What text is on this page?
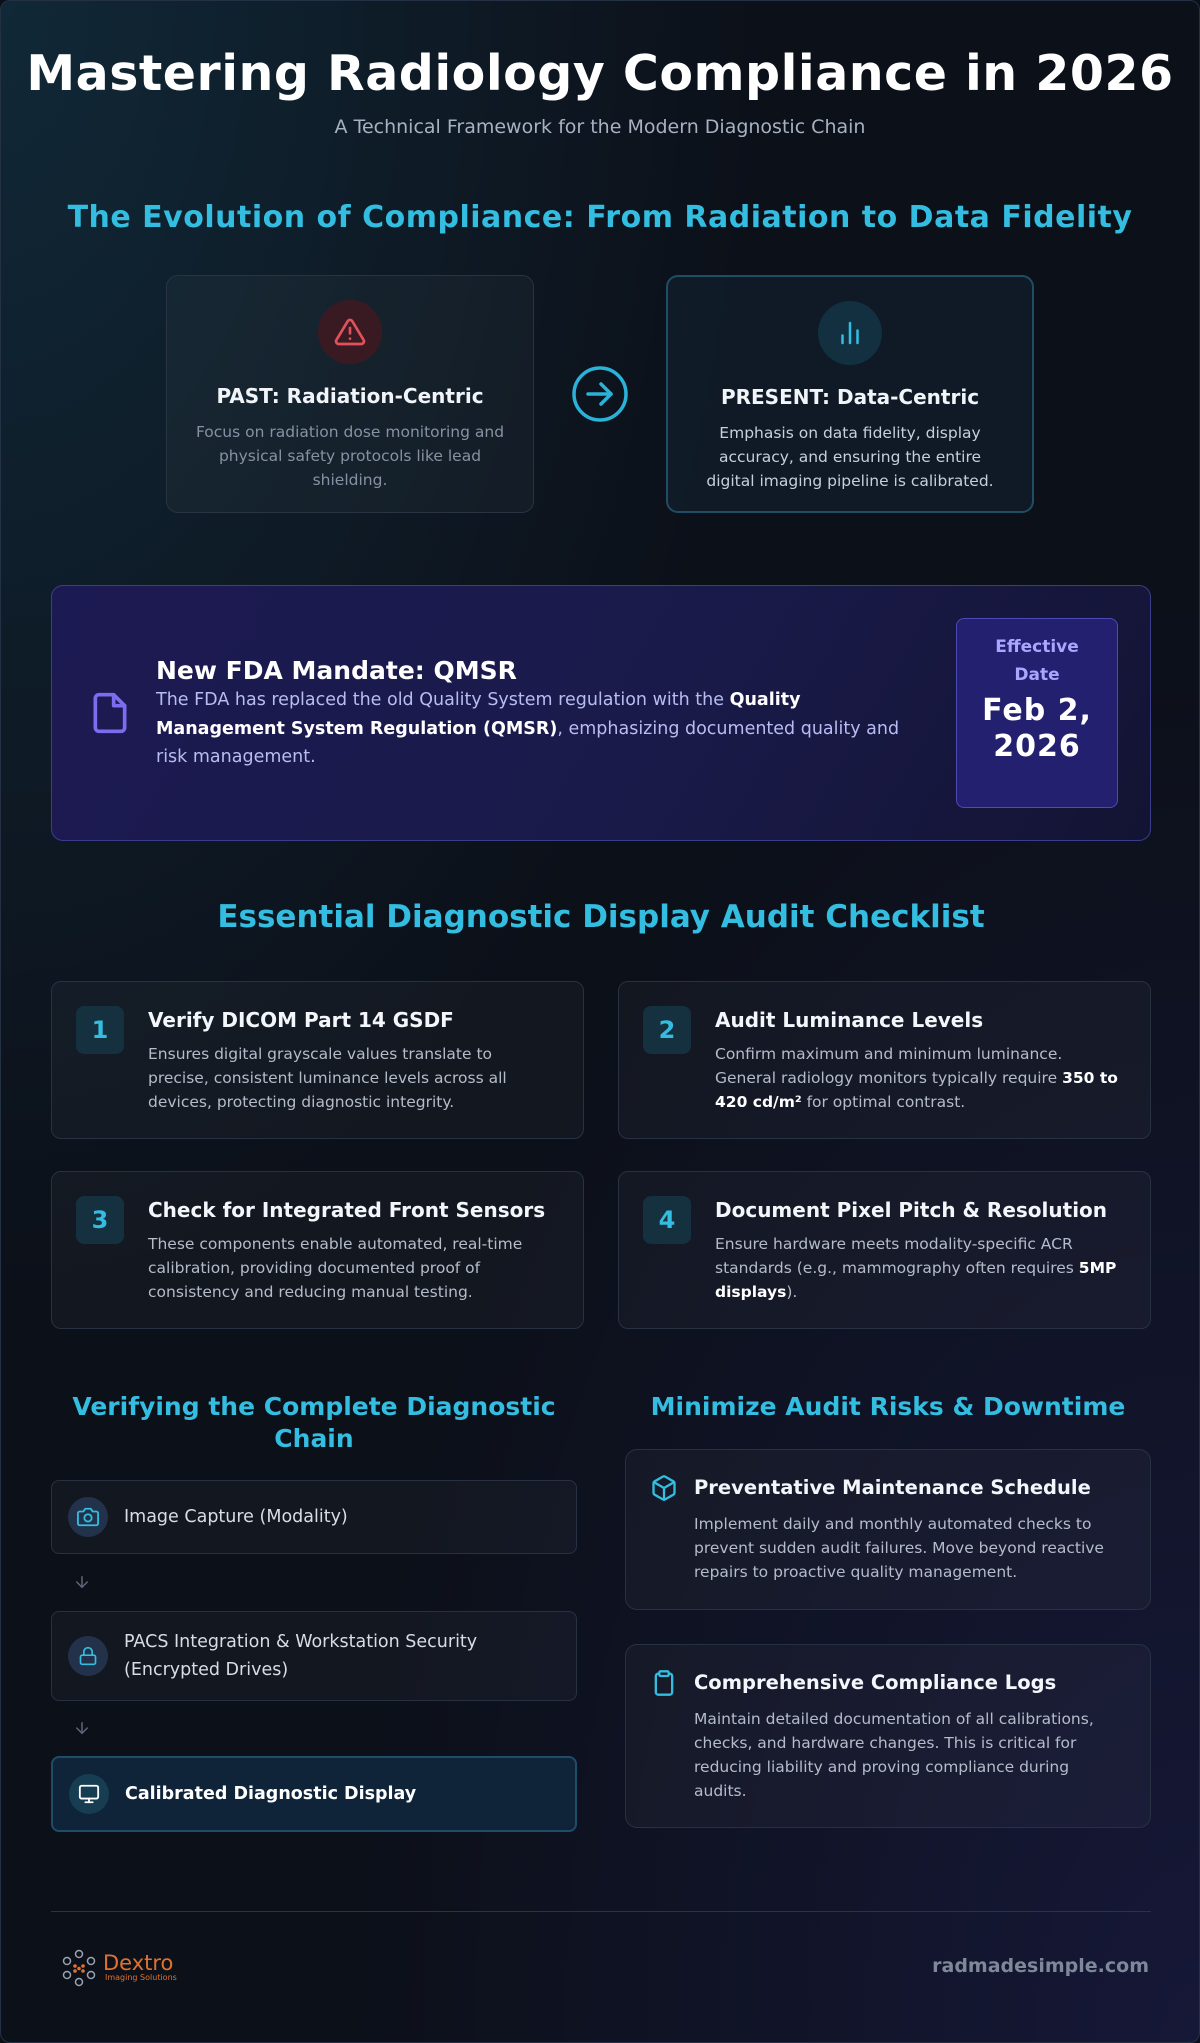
Mastering Radiology Compliance in 2026
A Technical Framework for the Modern Diagnostic Chain
The Evolution of Compliance: From Radiation to Data Fidelity
PAST: Radiation-Centric
Focus on radiation dose monitoring and physical safety protocols like lead shielding.
PRESENT: Data-Centric
Emphasis on data fidelity, display accuracy, and ensuring the entire digital imaging pipeline is calibrated.
New FDA Mandate: QMSR
The FDA has replaced the old Quality System regulation with the Quality Management System Regulation (QMSR), emphasizing documented quality and risk management.
Effective Date
Feb 2, 2026
Essential Diagnostic Display Audit Checklist
1	Verify DICOM Part 14 GSDF
Ensures digital grayscale values translate to precise, consistent luminance levels across all devices, protecting diagnostic integrity.
2	Audit Luminance Levels
Confirm maximum and minimum luminance. General radiology monitors typically require 350 to 420 cd/m² for optimal contrast.
3	Check for Integrated Front Sensors
These components enable automated, real-time calibration, providing documented proof of consistency and reducing manual testing.
4	Document Pixel Pitch & Resolution
Ensure hardware meets modality-specific ACR standards (e.g., mammography often requires 5MP displays).
Verifying the Complete Diagnostic Chain
Image Capture (Modality)
PACS Integration & Workstation Security (Encrypted Drives)
Calibrated Diagnostic Display
Minimize Audit Risks & Downtime
Preventative Maintenance Schedule
Implement daily and monthly automated checks to prevent sudden audit failures. Move beyond reactive repairs to proactive quality management.
Comprehensive Compliance Logs
Maintain detailed documentation of all calibrations, checks, and hardware changes. This is critical for reducing liability and proving compliance during audits.
Dextro
Imaging Solutions
radmadesimple.com
